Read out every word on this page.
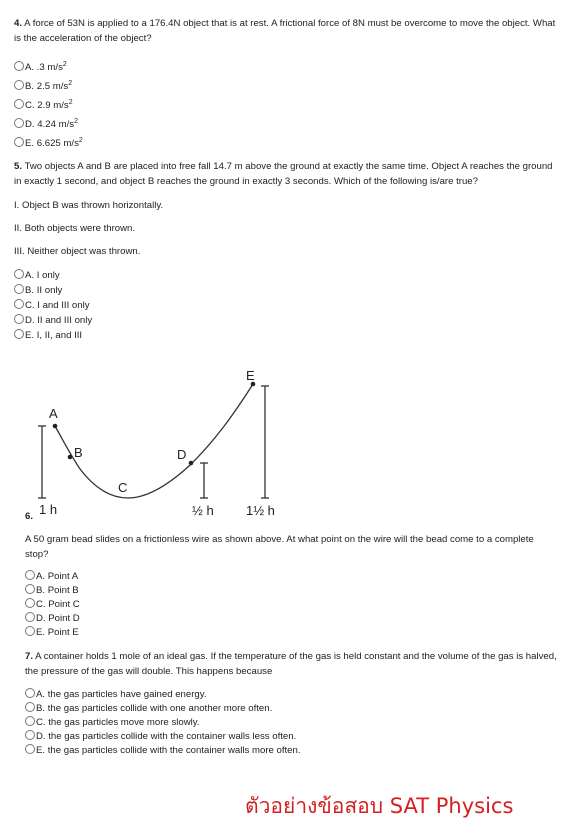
4. A force of 53N is applied to a 176.4N object that is at rest. A frictional force of 8N must be overcome to move the object. What is the acceleration of the object?
A. .3 $m/s^2$
B. 2.5 $m/s^2$
C. 2.9 $m/s^2$
D. 4.24 $m/s^2$
E. 6.625 $m/s^2$
5. Two objects A and B are placed into free fall 14.7 m above the ground at exactly the same time. Object A reaches the ground in exactly 1 second, and object B reaches the ground in exactly 3 seconds. Which of the following is/are true?
I. Object B was thrown horizontally.
II. Both objects were thrown.
III. Neither object was thrown.
A. I only
B. II only
C. I and III only
D. II and III only
E. I, II, and III
6.
A
B
C
D
E
1 h	½ h 1½ h
A 50 gram bead slides on a frictionless wire as shown above. At what point on the wire will the bead come to a complete stop?
A. Point A
B. Point B
C. Point C
D. Point D
E. Point E
7. A container holds 1 mole of an ideal gas. If the temperature of the gas is held constant and the volume of the gas is halved, the pressure of the gas will double. This happens because
A. the gas particles have gained energy.
B. the gas particles collide with one another more often.
C. the gas particles move more slowly.
D. the gas particles collide with the container walls less often.
E. the gas particles collide with the container walls more often.
ตัวอย่างข้อสอบ SAT Physics
